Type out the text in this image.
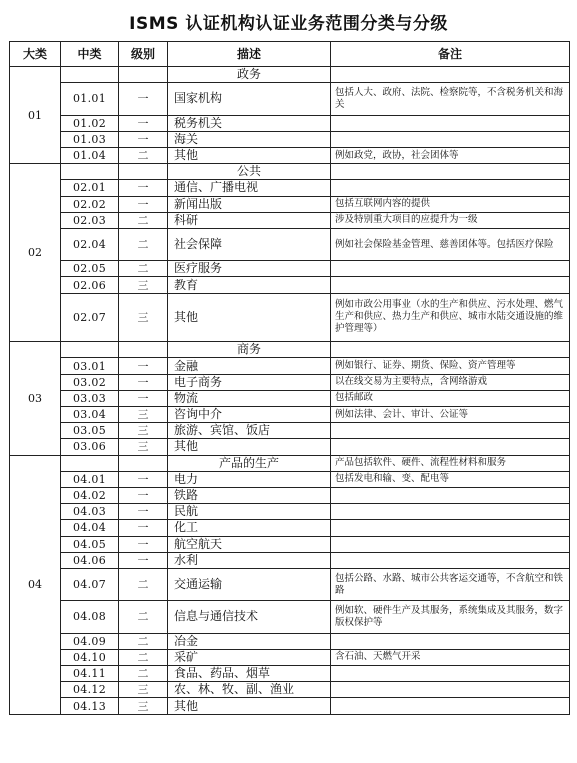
ISMS 认证机构认证业务范围分类与分级
大类	中类	级别	描述	备注
01			政务	
	01.01	一	国家机构	包括人大、政府、法院、检察院等，不含税务机关和海关
	01.02	一	税务机关	
	01.03	一	海关	
	01.04	二	其他	例如政党，政协，社会团体等
02			公共	
	02.01	一	通信、广播电视	
	02.02	一	新闻出版	包括互联网内容的提供
	02.03	二	科研	涉及特别重大项目的应提升为一级
	02.04	二	社会保障	例如社会保险基金管理、慈善团体等。包括医疗保险
	02.05	二	医疗服务	
	02.06	三	教育	
	02.07	三	其他	例如市政公用事业（水的生产和供应、污水处理、燃气生产和供应、热力生产和供应、城市水陆交通设施的维护管理等）
03			商务	
	03.01	一	金融	例如银行、证券、期货、保险、资产管理等
	03.02	一	电子商务	以在线交易为主要特点，含网络游戏
	03.03	一	物流	包括邮政
	03.04	三	咨询中介	例如法律、会计、审计、公证等
	03.05	三	旅游、宾馆、饭店	
	03.06	三	其他	
04			产品的生产	产品包括软件、硬件、流程性材料和服务
	04.01	一	电力	包括发电和输、变、配电等
	04.02	一	铁路	
	04.03	一	民航	
	04.04	一	化工	
	04.05	一	航空航天	
	04.06	一	水利	
	04.07	二	交通运输	包括公路、水路、城市公共客运交通等，不含航空和铁路
	04.08	二	信息与通信技术	例如软、硬件生产及其服务，系统集成及其服务，数字版权保护等
	04.09	二	冶金	
	04.10	二	采矿	含石油、天燃气开采
	04.11	二	食品、药品、烟草	
	04.12	三	农、林、牧、副、渔业	
	04.13	三	其他	
